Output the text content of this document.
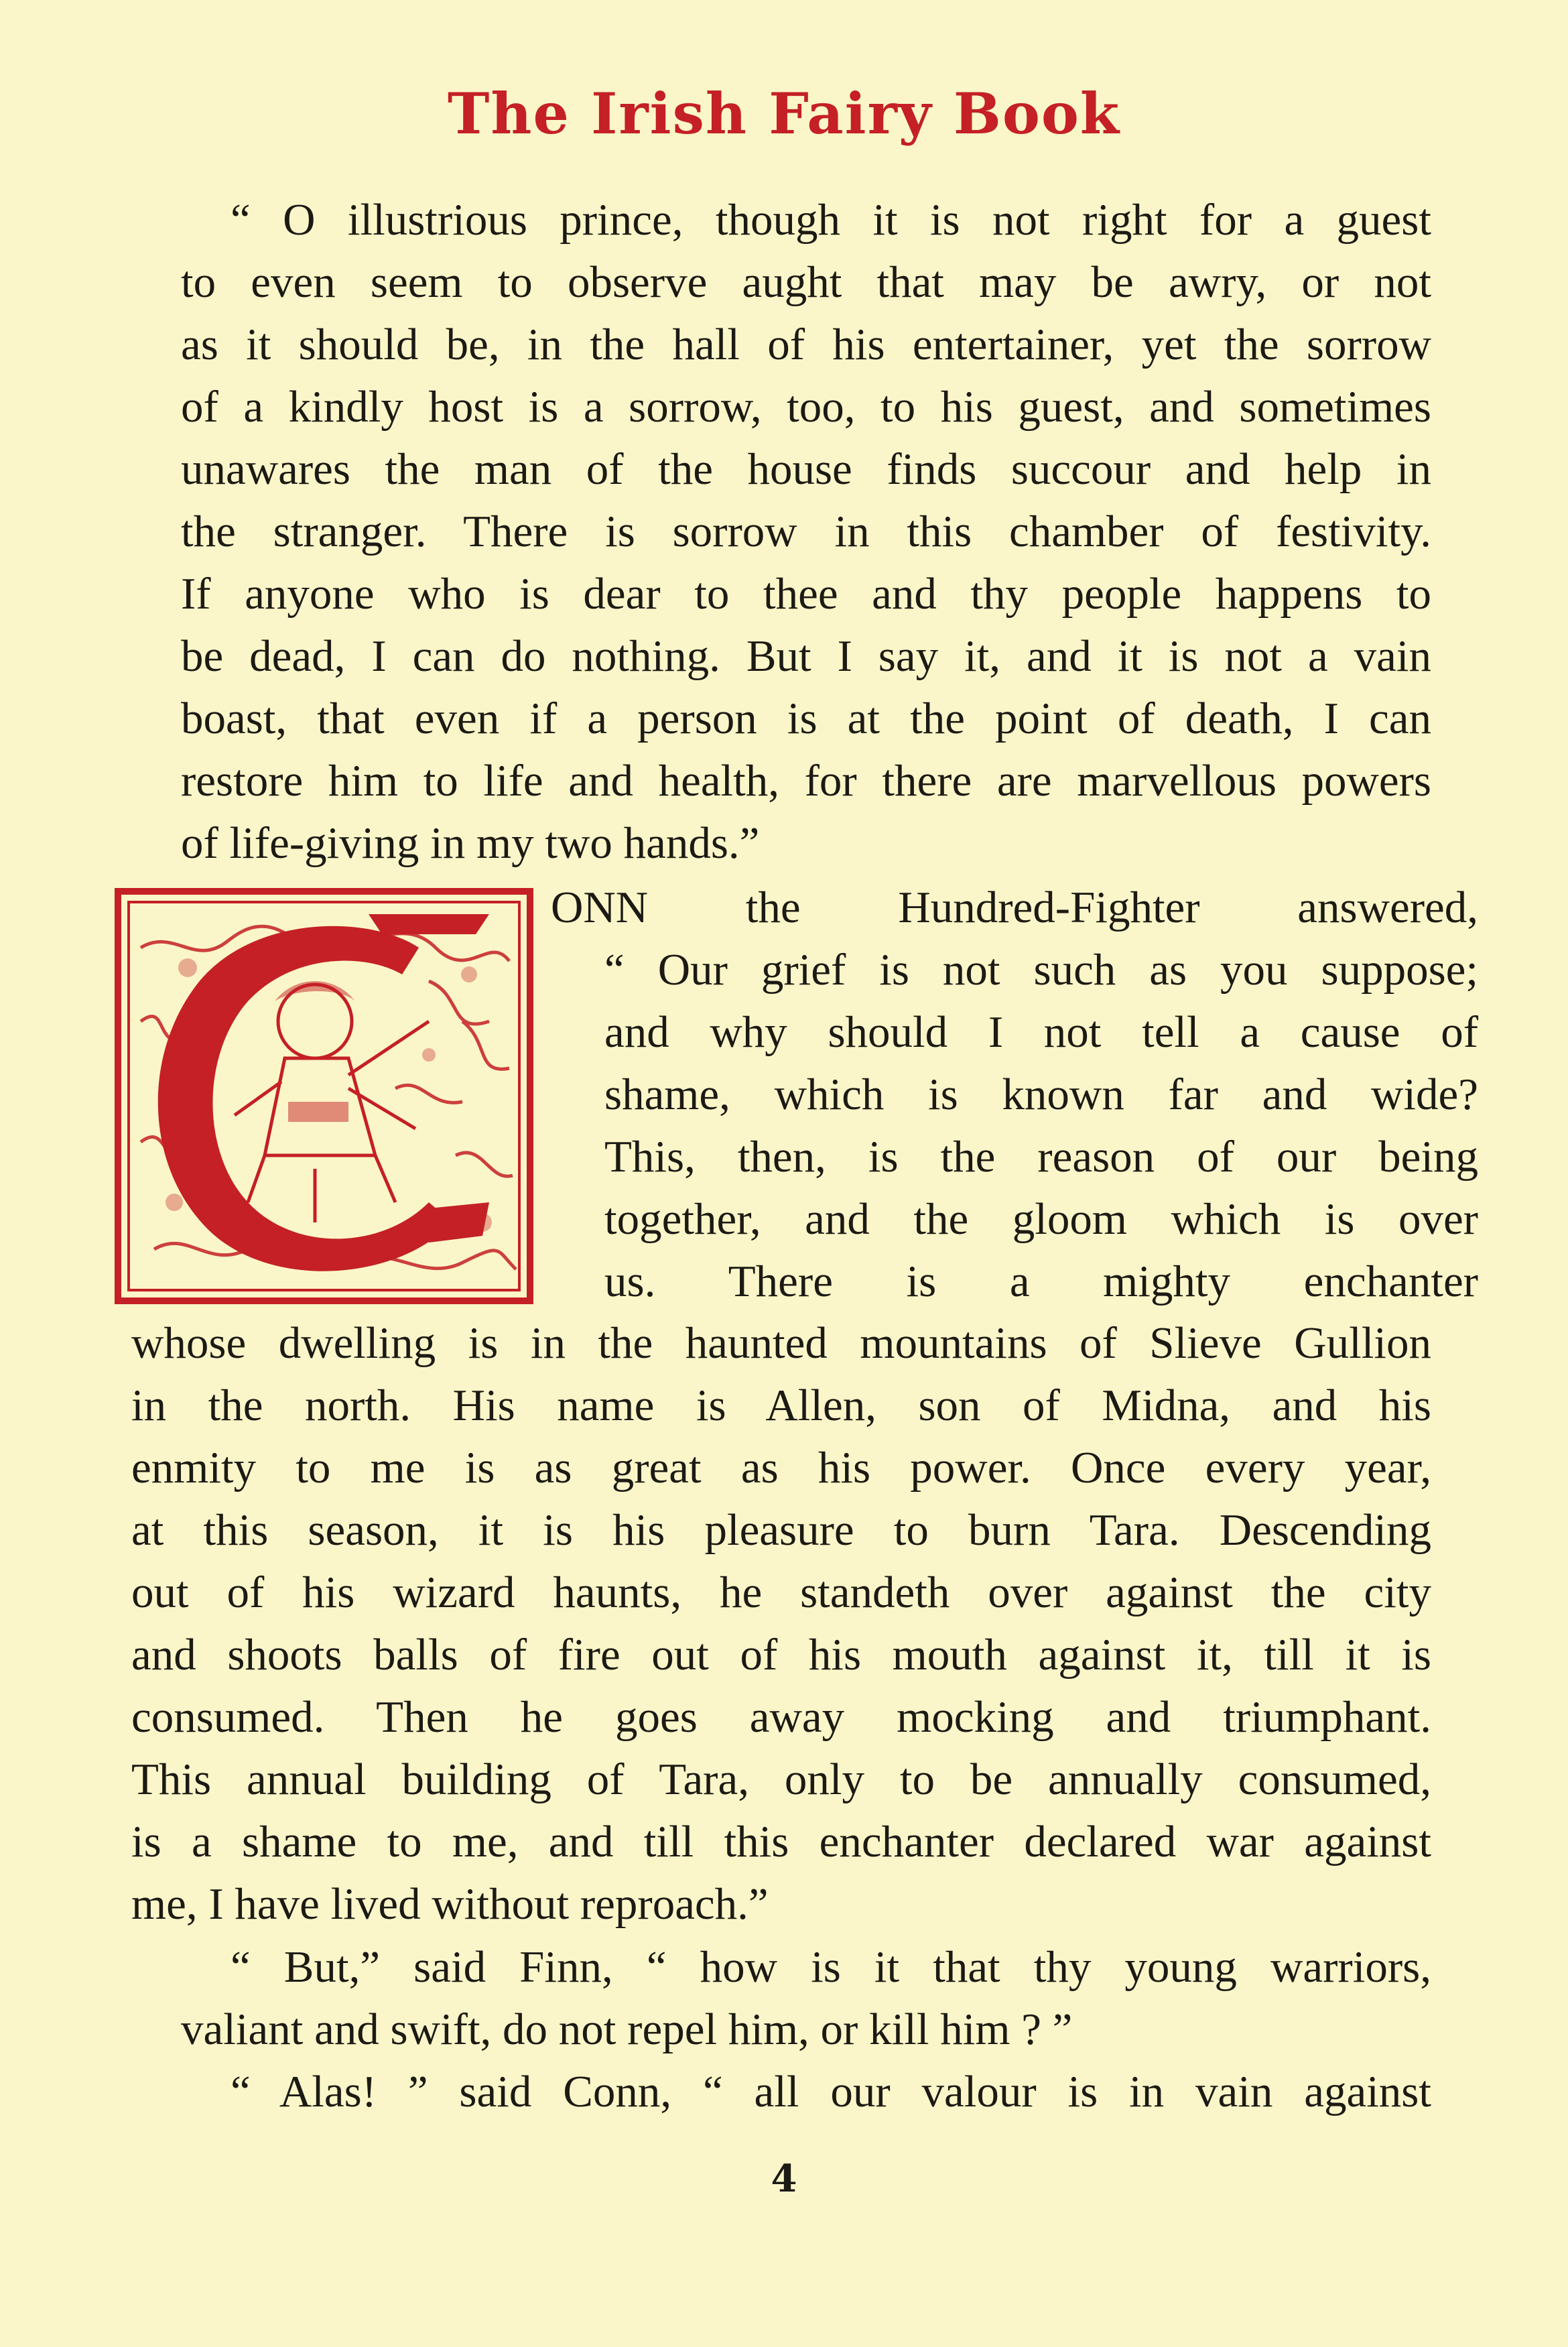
The Irish Fairy Book
“ O illustrious prince, though it is not right for a guest
to even seem to observe aught that may be awry, or not
as it should be, in the hall of his entertainer, yet the sorrow
of a kindly host is a sorrow, too, to his guest, and sometimes
unawares the man of the house finds succour and help in
the stranger. There is sorrow in this chamber of festivity.
If anyone who is dear to thee and thy people happens to
be dead, I can do nothing. But I say it, and it is not a vain
boast, that even if a person is at the point of death, I can
restore him to life and health, for there are marvellous powers
of life-giving in my two hands.”
ONN the Hundred-Fighter answered,
“ Our grief is not such as you suppose;
and why should I not tell a cause of
shame, which is known far and wide?
This, then, is the reason of our being
together, and the gloom which is over
us. There is a mighty enchanter
whose dwelling is in the haunted mountains of Slieve Gullion
in the north. His name is Allen, son of Midna, and his
enmity to me is as great as his power. Once every year,
at this season, it is his pleasure to burn Tara. Descending
out of his wizard haunts, he standeth over against the city
and shoots balls of fire out of his mouth against it, till it is
consumed. Then he goes away mocking and triumphant.
This annual building of Tara, only to be annually consumed,
is a shame to me, and till this enchanter declared war against
me, I have lived without reproach.”
“ But,” said Finn, “ how is it that thy young warriors,
valiant and swift, do not repel him, or kill him ? ”
“ Alas! ” said Conn, “ all our valour is in vain against
4
